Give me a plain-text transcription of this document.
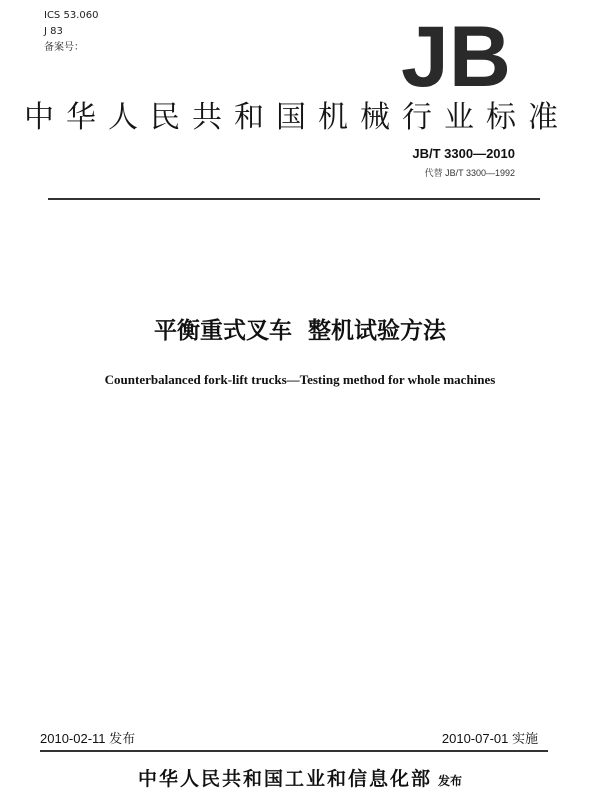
ICS 53.060
J 83
备案号：	JB
中华人民共和国机械行业标准
JB/T 3300—2010
代替 JB/T 3300—1992
平衡重式叉车  整机试验方法
Counterbalanced fork-lift trucks—Testing method for whole machines
2010-02-11 发布	2010-07-01 实施
中华人民共和国工业和信息化部 发布
